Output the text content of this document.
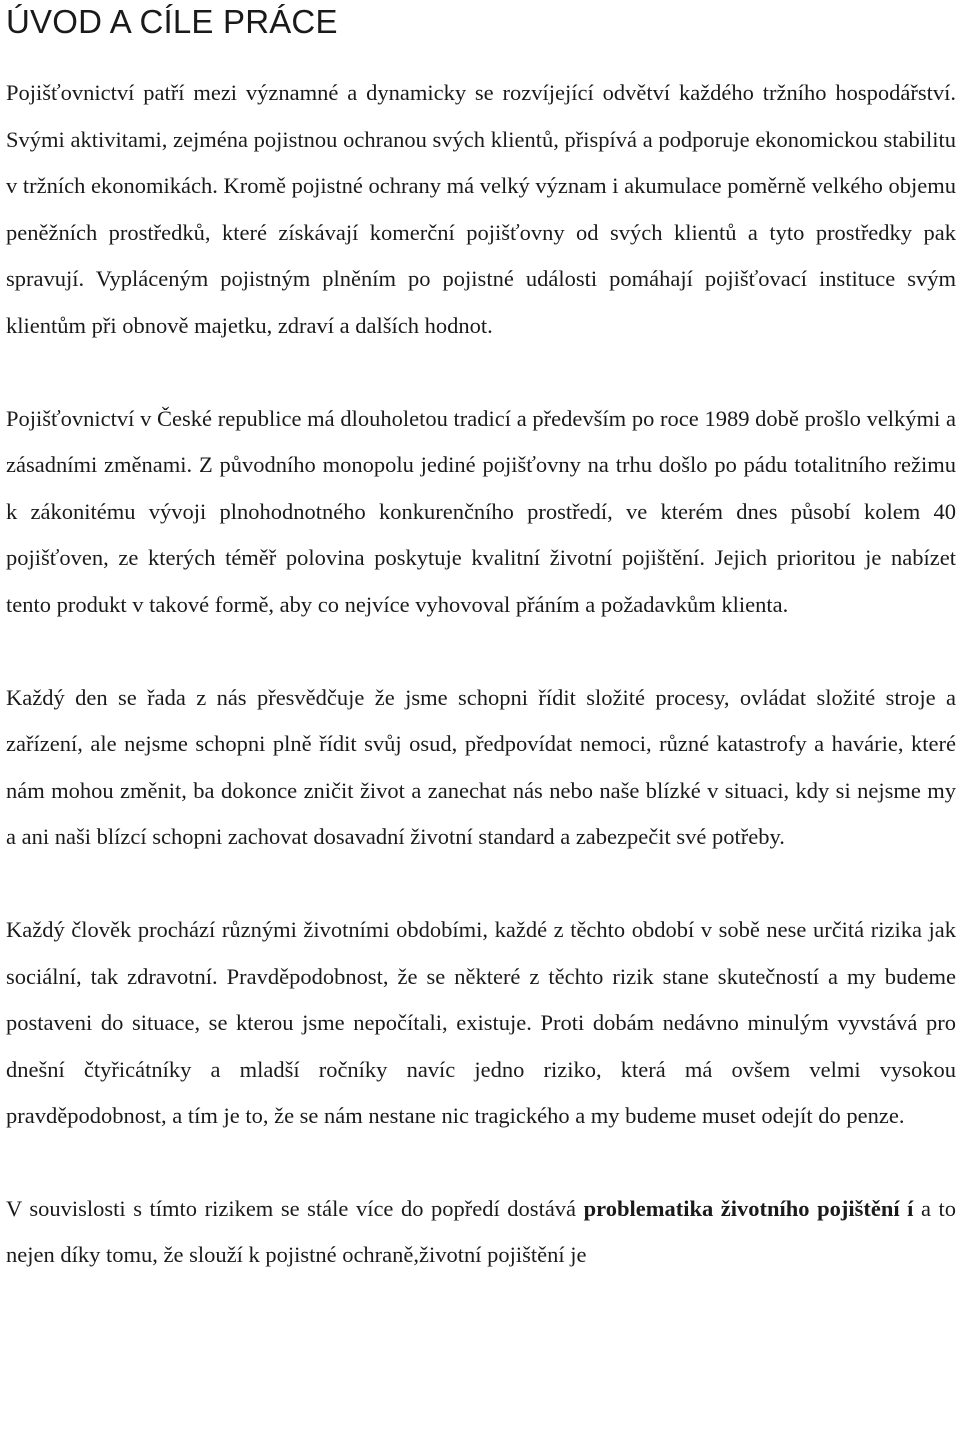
ÚVOD A CÍLE PRÁCE

Pojišťovnictví patří mezi významné a dynamicky se rozvíjející odvětví každého tržního hospodářství. Svými aktivitami, zejména pojistnou ochranou svých klientů, přispívá a podporuje ekonomickou stabilitu v tržních ekonomikách. Kromě pojistné ochrany má velký význam i akumulace poměrně velkého objemu peněžních prostředků, které získávají komerční pojišťovny od svých klientů a tyto prostředky pak spravují. Vypláceným pojistným plněním po pojistné události pomáhají pojišťovací instituce svým klientům při obnově majetku, zdraví a dalších hodnot.

Pojišťovnictví v České republice má dlouholetou tradicí a především po roce 1989 době prošlo velkými a zásadními změnami. Z původního monopolu jediné pojišťovny na trhu došlo po pádu totalitního režimu k zákonitému vývoji plnohodnotného konkurenčního prostředí, ve kterém dnes působí kolem 40 pojišťoven, ze kterých téměř polovina poskytuje kvalitní životní pojištění. Jejich prioritou je nabízet tento produkt v takové formě, aby co nejvíce vyhovoval přáním a požadavkům klienta.

Každý den se řada z nás přesvědčuje že jsme schopni řídit složité procesy, ovládat složité stroje a zařízení, ale nejsme schopni plně řídit svůj osud, předpovídat nemoci, různé katastrofy a havárie, které nám mohou změnit, ba dokonce zničit život a zanechat nás nebo naše blízké v situaci, kdy si nejsme my a ani naši blízcí schopni zachovat dosavadní životní standard a zabezpečit své potřeby.

Každý člověk prochází různými životními obdobími, každé z těchto období v sobě nese určitá rizika jak sociální, tak zdravotní. Pravděpodobnost, že se některé z těchto rizik stane skutečností a my budeme postaveni do situace, se kterou jsme nepočítali, existuje. Proti dobám nedávno minulým vyvstává pro dnešní čtyřicátníky a mladší ročníky navíc jedno riziko, která má ovšem velmi vysokou pravděpodobnost, a tím je to, že se nám nestane nic tragického a my budeme muset odejít do penze.

V souvislosti s tímto rizikem se stále více do popředí dostává problematika životního pojištění í a to nejen díky tomu, že slouží k pojistné ochraně,životní pojištění je
